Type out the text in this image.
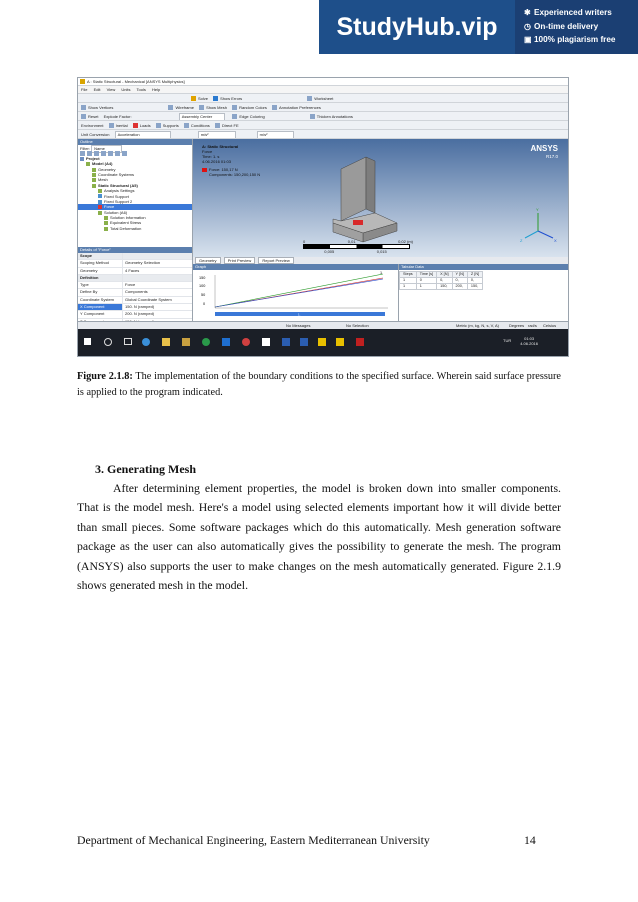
StudyHub.vip	✱ Experienced writers
◷ On-time delivery
▣ 100% plagiarism free
A : Static Structural - Mechanical [ANSYS Multiphysics]
File Edit View Units Tools Help
Solve	Show Errors	Worksheet
Show Vertices	Wireframe	Show Mesh	Random Colors	Annotation Preferences
Reset Explode Factor:	Assembly Center	Edge Coloring	Thicken Annotations
Environment	Inertial	Loads	Supports	Conditions	Direct FE
Unit Conversion Acceleration	m/s²	m/s²
Outline
Filter: Name
Project
Model (A4)
Geometry
Coordinate Systems
Mesh
Static Structural (A5)
Analysis Settings
Fixed Support
Fixed Support 2
Force
Solution (A6)
Solution Information
Equivalent Stress
Total Deformation
Details of "Force"
Scope
Scoping Method	Geometry Selection
Geometry	4 Faces
Definition
Type	Force
Define By	Components
Coordinate System	Global Coordinate System
X Component	150. N (ramped)
Y Component	200. N (ramped)
A: Static Structural
Force
Time: 1. s
4.06.2016 01:03
Force: 150,17 N
Components: 150,200,150 N
ANSYS
R17.0
Y
X
Z
0	0,01	0,02 (m)
0,005	0,015
Geometry	Print Preview	Report Preview
Graph
150
100
50
0
1
1.
Tabular Data
Steps	Time [s]	X [N]	Y [N]	Z [N]
1	0	0,	0,	0,
1	1	150,	200,	150,
No Messages	No Selection	Metric (m, kg, N, s, V, A)	Degrees rad/s Celsius
TUR	01:03
4.06.2016
Figure 2.1.8: The implementation of the boundary conditions to the specified surface. Wherein said surface pressure is applied to the program indicated.
3. Generating Mesh
After determining element properties, the model is broken down into smaller components. That is the model mesh. Here's a model using selected elements important how it will divide better than small pieces. Some software packages which do this automatically. Mesh generation software package as the user can also automatically gives the possibility to generate the mesh. The program (ANSYS) also supports the user to make changes on the mesh automatically generated. Figure 2.1.9 shows generated mesh in the model.
Department of Mechanical Engineering, Eastern Mediterranean University	14
